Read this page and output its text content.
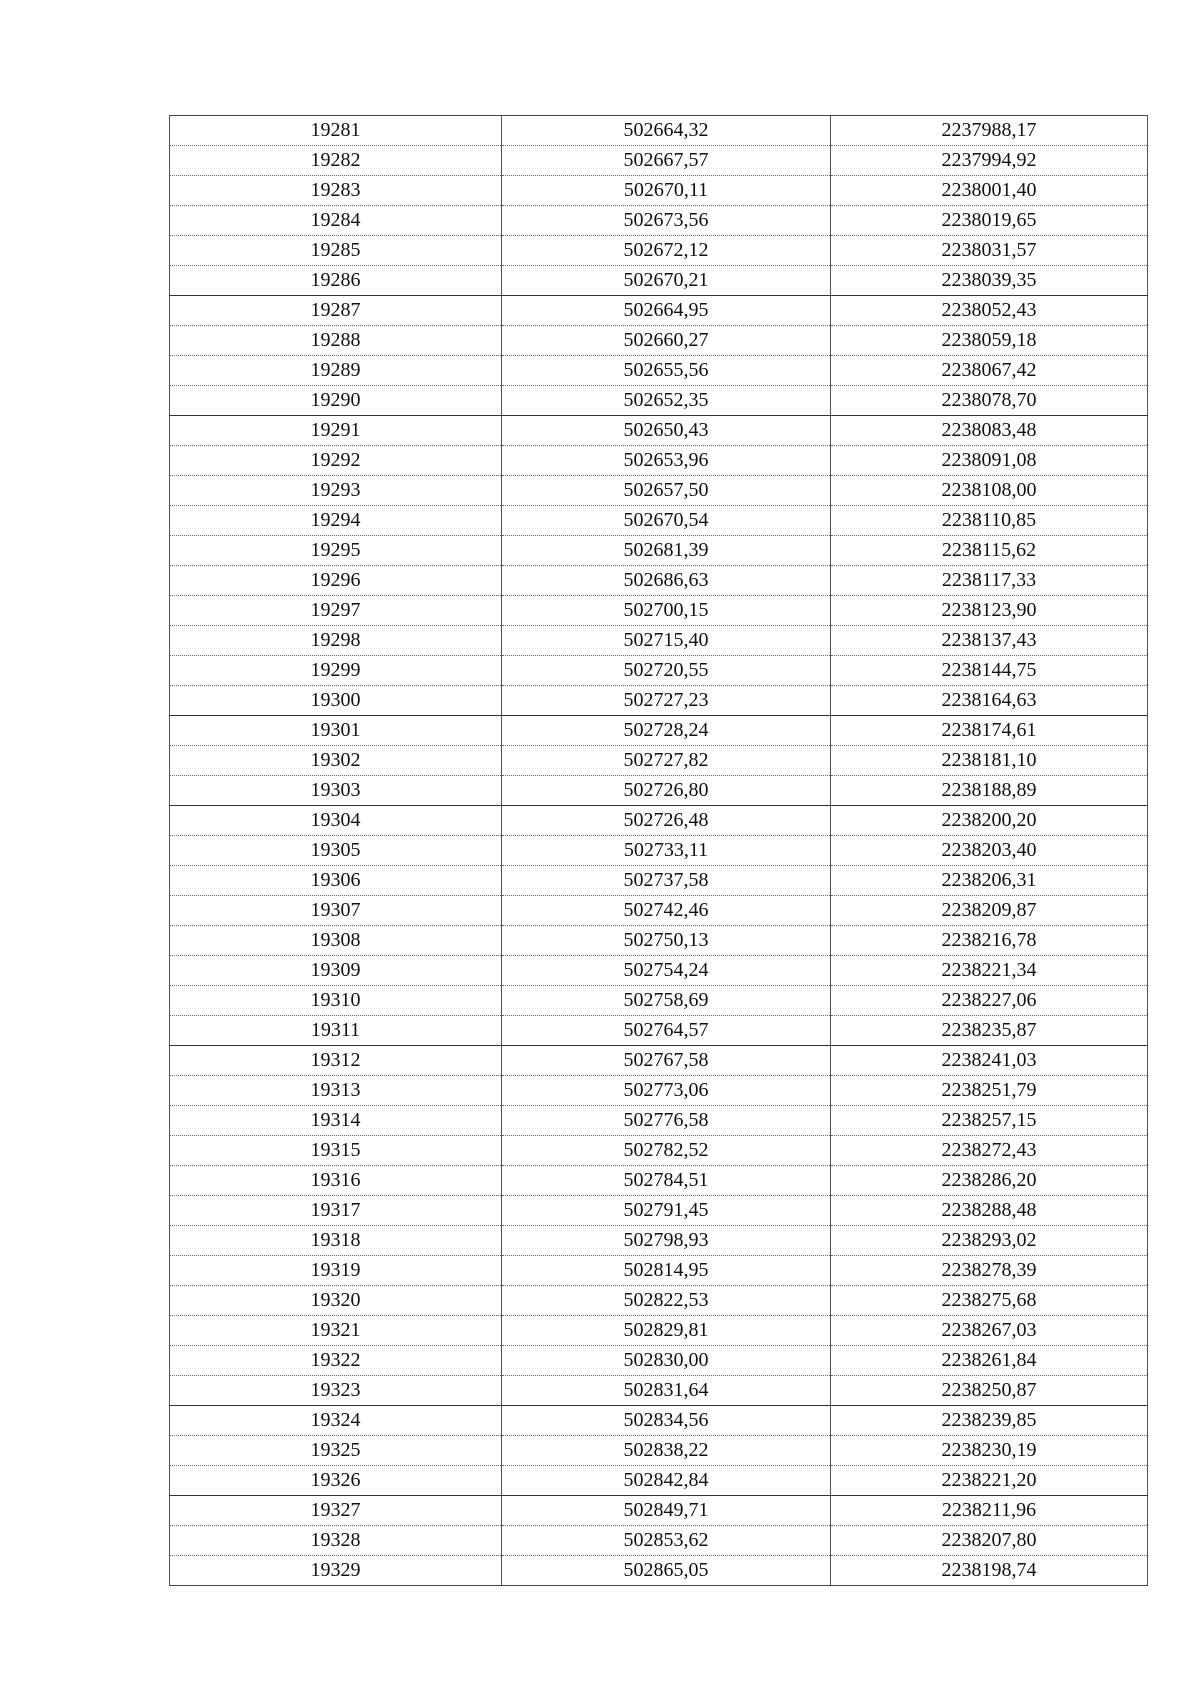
19281	502664,32	2237988,17
19282	502667,57	2237994,92
19283	502670,11	2238001,40
19284	502673,56	2238019,65
19285	502672,12	2238031,57
19286	502670,21	2238039,35
19287	502664,95	2238052,43
19288	502660,27	2238059,18
19289	502655,56	2238067,42
19290	502652,35	2238078,70
19291	502650,43	2238083,48
19292	502653,96	2238091,08
19293	502657,50	2238108,00
19294	502670,54	2238110,85
19295	502681,39	2238115,62
19296	502686,63	2238117,33
19297	502700,15	2238123,90
19298	502715,40	2238137,43
19299	502720,55	2238144,75
19300	502727,23	2238164,63
19301	502728,24	2238174,61
19302	502727,82	2238181,10
19303	502726,80	2238188,89
19304	502726,48	2238200,20
19305	502733,11	2238203,40
19306	502737,58	2238206,31
19307	502742,46	2238209,87
19308	502750,13	2238216,78
19309	502754,24	2238221,34
19310	502758,69	2238227,06
19311	502764,57	2238235,87
19312	502767,58	2238241,03
19313	502773,06	2238251,79
19314	502776,58	2238257,15
19315	502782,52	2238272,43
19316	502784,51	2238286,20
19317	502791,45	2238288,48
19318	502798,93	2238293,02
19319	502814,95	2238278,39
19320	502822,53	2238275,68
19321	502829,81	2238267,03
19322	502830,00	2238261,84
19323	502831,64	2238250,87
19324	502834,56	2238239,85
19325	502838,22	2238230,19
19326	502842,84	2238221,20
19327	502849,71	2238211,96
19328	502853,62	2238207,80
19329	502865,05	2238198,74
